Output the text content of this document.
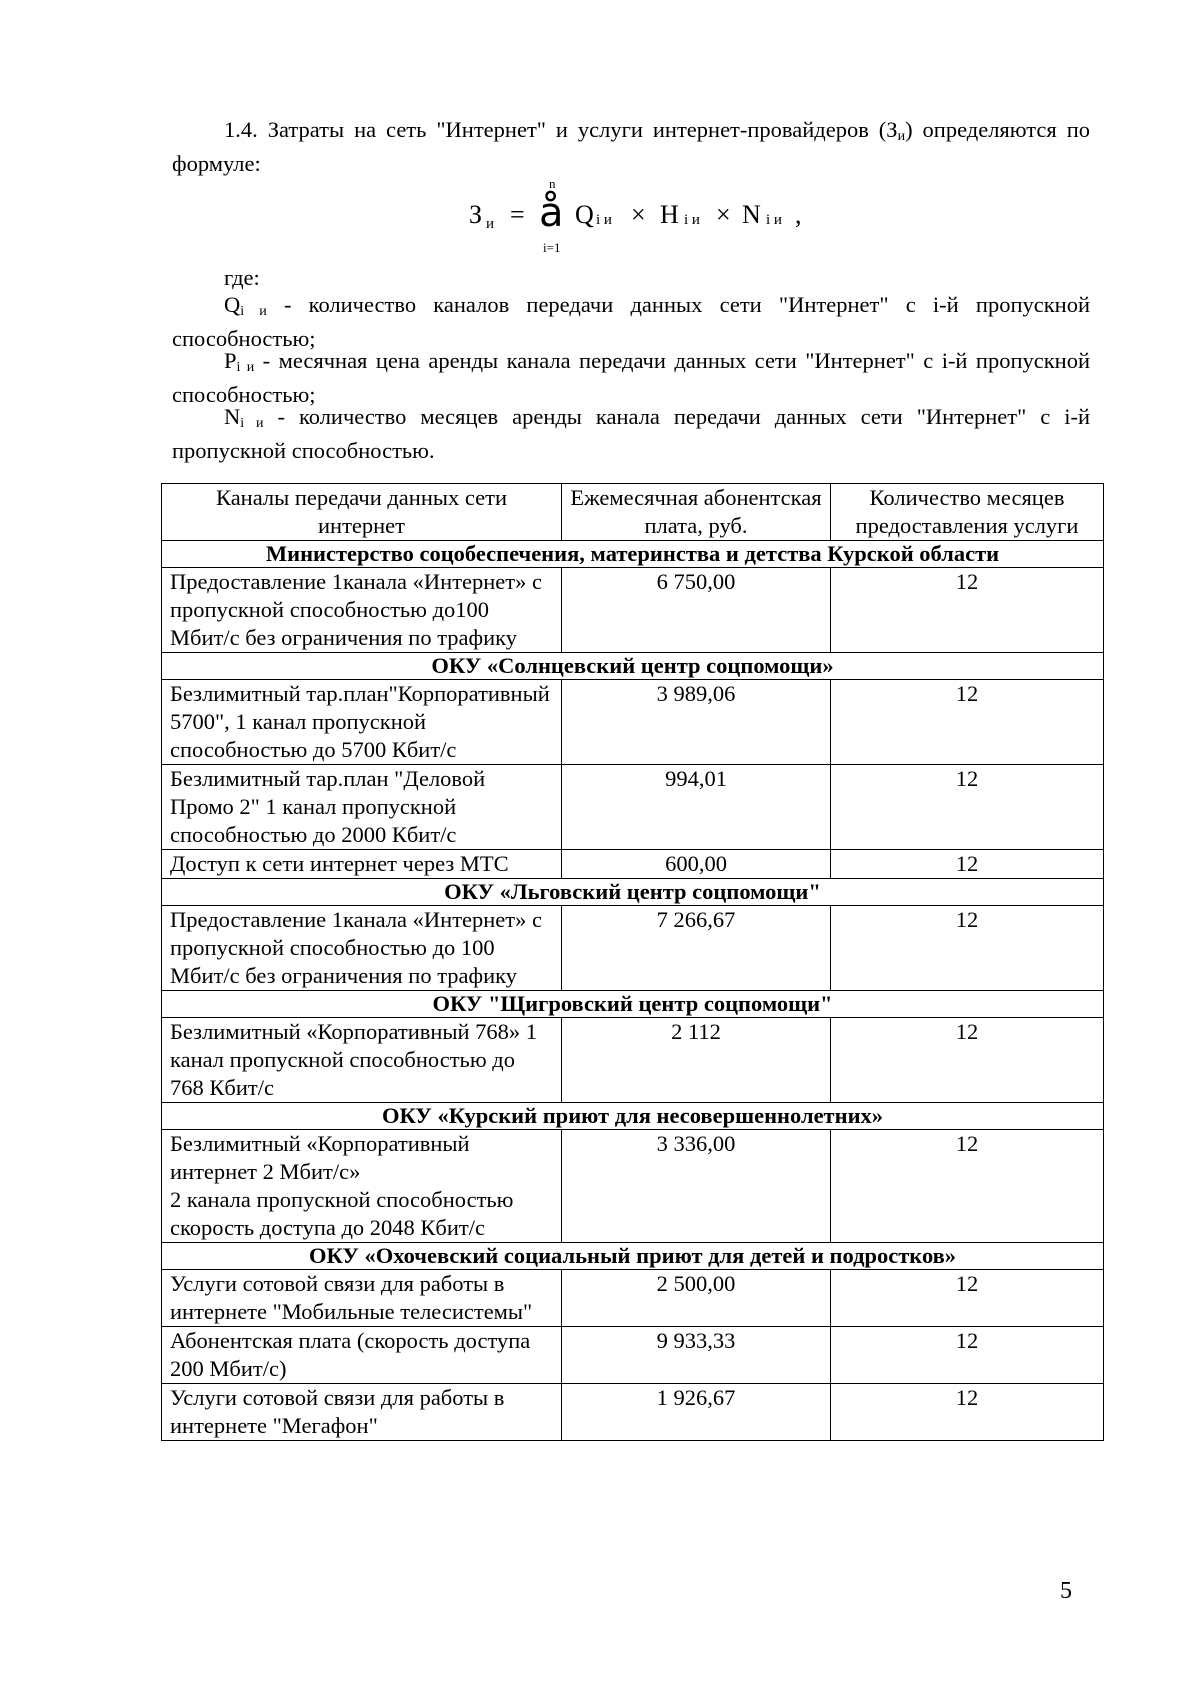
1.4. Затраты на сеть "Интернет" и услуги интернет-провайдеров $(З_и)$ определяются по формуле:

З и = å
n
i=1
Q i и × H i и × N i и ,

где:

$Q_{i и}$ - количество каналов передачи данных сети "Интернет" с i-й пропускной способностью;

$P_{i и}$ - месячная цена аренды канала передачи данных сети "Интернет" с i-й пропускной способностью;

$N_{i и}$ - количество месяцев аренды канала передачи данных сети "Интернет" с i-й пропускной способностью.

Каналы передачи данных сети интернет	Ежемесячная абонентская плата, руб.	Количество месяцев предоставления услуги
Министерство соцобеспечения, материнства и детства Курской области		
Предоставление 1канала «Интернет» с пропускной способностью до100 Мбит/с без ограничения по трафику	6 750,00	12
ОКУ «Солнцевский центр соцпомощи»		
Безлимитный тар.план"Корпоративный 5700", 1 канал пропускной способностью до 5700 Кбит/с	3 989,06	12
Безлимитный тар.план "Деловой Промо 2" 1 канал пропускной способностью до 2000 Кбит/с	994,01	12
Доступ к сети интернет через МТС	600,00	12
ОКУ «Льговский центр соцпомощи"		
Предоставление 1канала «Интернет» с пропускной способностью до 100 Мбит/с без ограничения по трафику	7 266,67	12
ОКУ "Щигровский центр соцпомощи"		
Безлимитный «Корпоративный 768» 1 канал пропускной способностью до 768 Кбит/с	2 112	12
ОКУ «Курский приют для несовершеннолетних»		

Безлимитный «Корпоративный интернет 2 Мбит/с»
2 канала пропускной способностью скорость доступа до 2048 Кбит/с	3 336,00	12
ОКУ «Охочевский социальный приют для детей и подростков»		
Услуги сотовой связи для работы в интернете "Мобильные телесистемы"	2 500,00	12
Абонентская плата (скорость доступа 200 Мбит/с)	9 933,33	12
Услуги сотовой связи для работы в интернете "Мегафон"	1 926,67	12
5
